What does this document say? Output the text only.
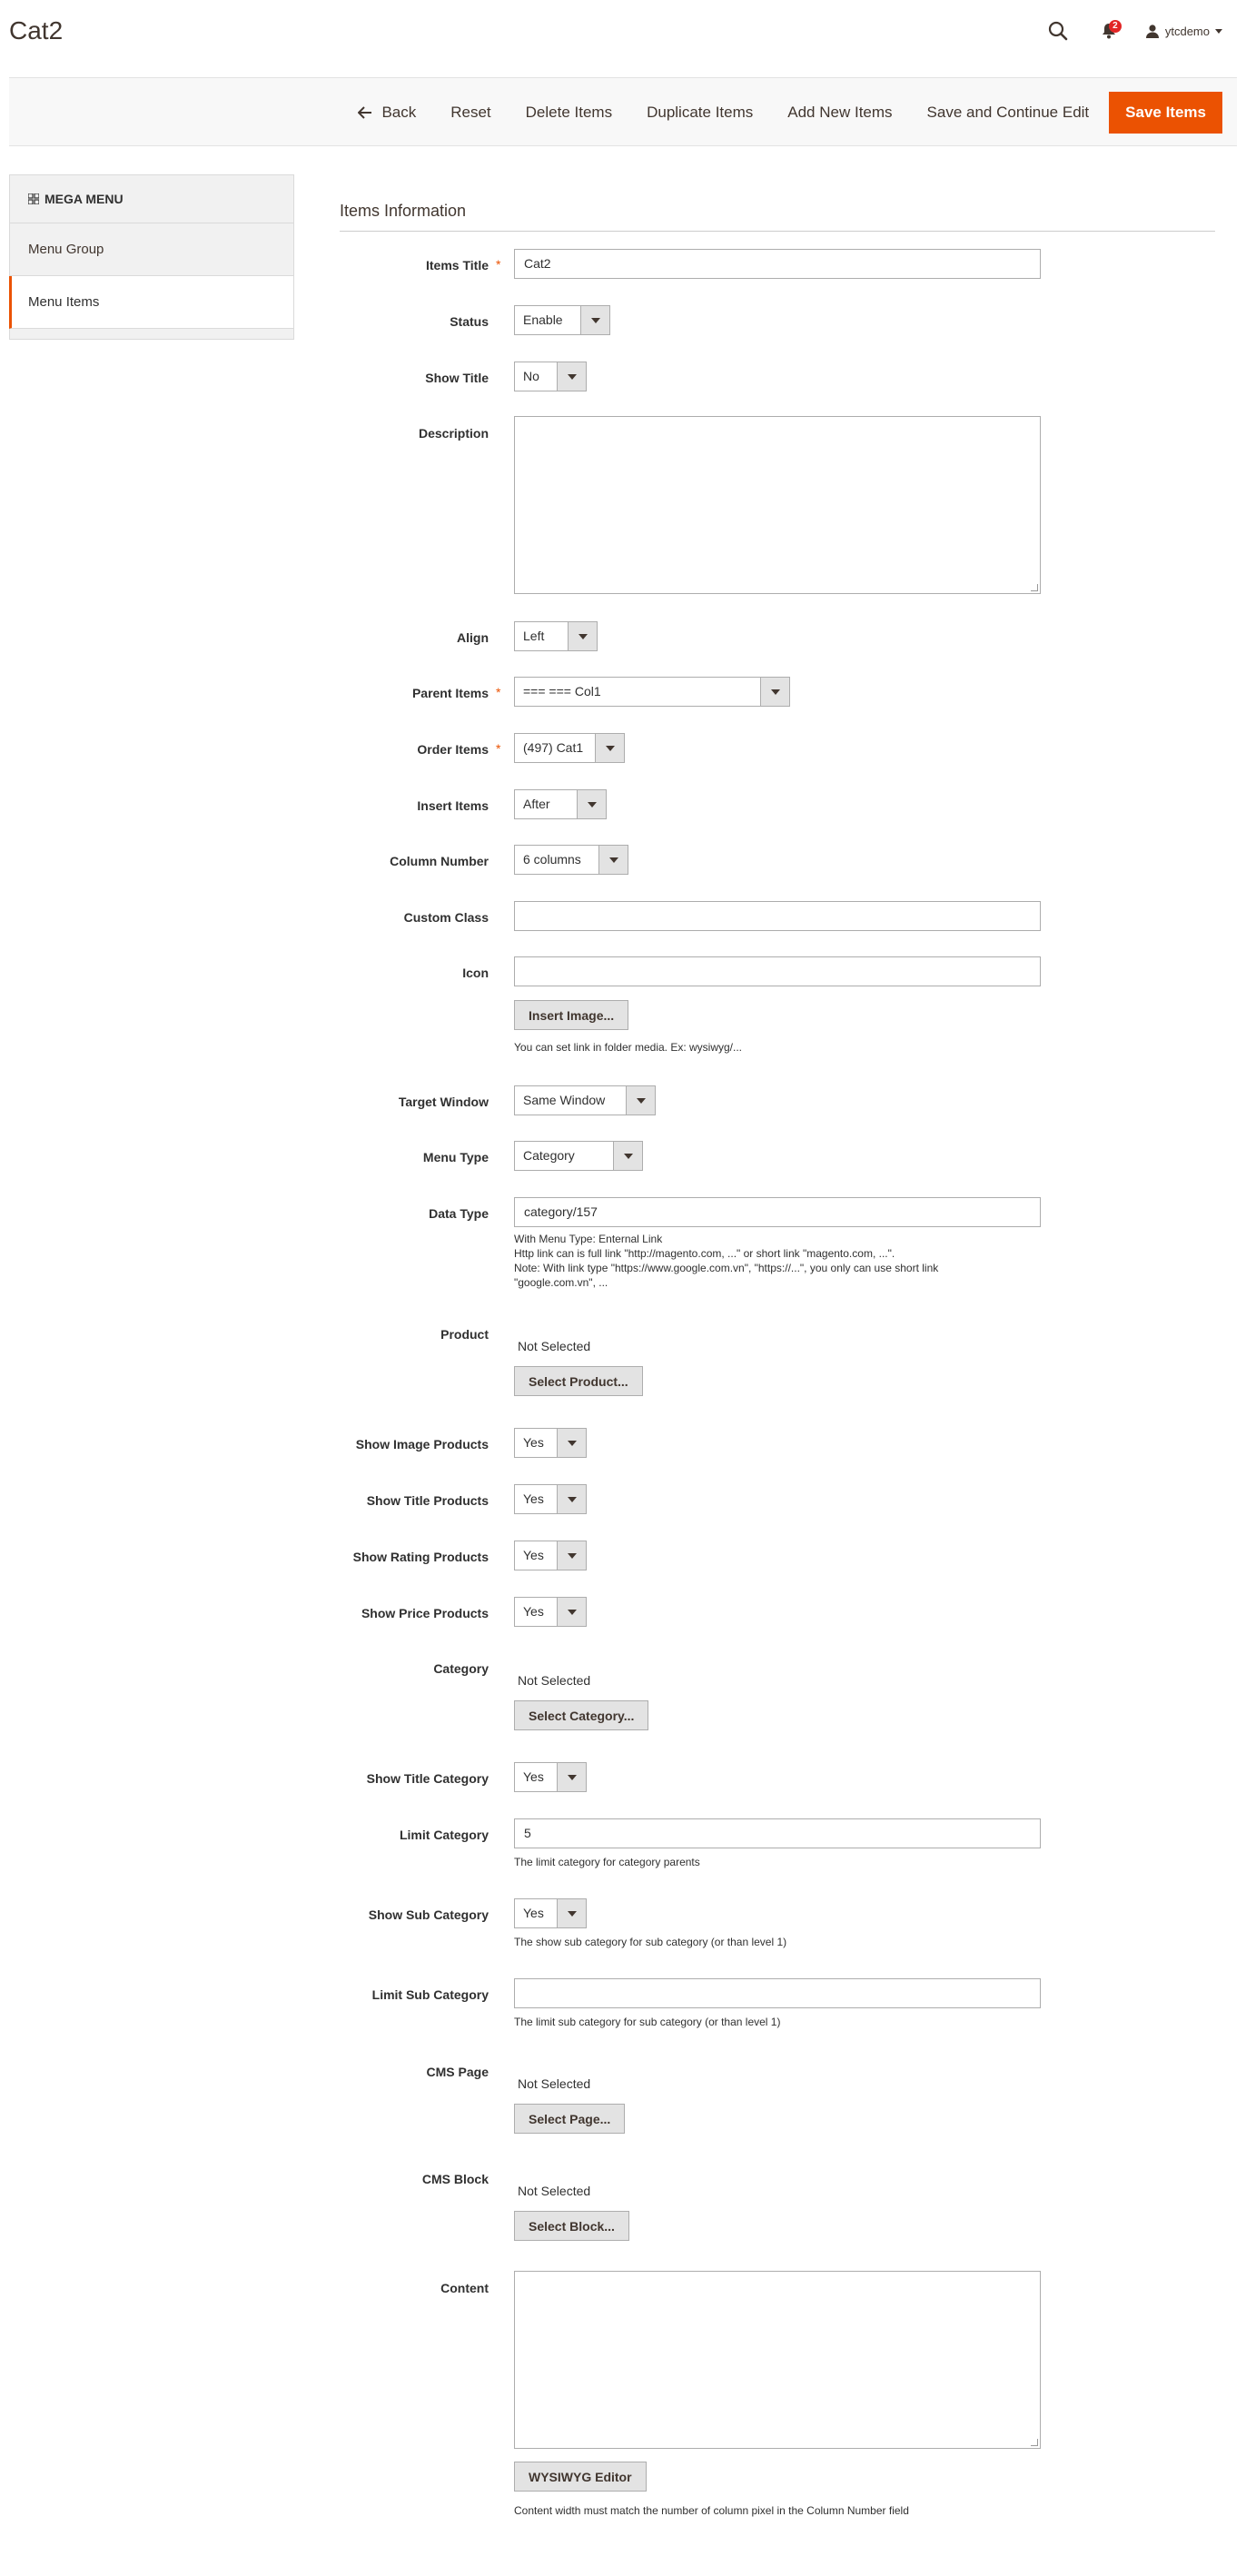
Cat2	2	ytcdemo
Back	Reset	Delete Items	Duplicate Items	Add New Items	Save and Continue Edit	Save Items
MEGA MENU
Menu Group
Menu Items
Items Information
Items Title *	Cat2
Status	Enable
Show Title	No
Description
Align	Left
Parent Items *	=== === Col1
Order Items *	(497) Cat1
Insert Items	After
Column Number	6 columns
Custom Class
Icon
Insert Image...
You can set link in folder media. Ex: wysiwyg/...
Target Window	Same Window
Menu Type	Category
Data Type	category/157
With Menu Type: Enternal Link
Http link can is full link "http://magento.com, ..." or short link "magento.com, ...".
Note: With link type "https://www.google.com.vn", "https://...", you only can use short link
"google.com.vn", ...
Product
Not Selected
Select Product...
Show Image Products	Yes
Show Title Products	Yes
Show Rating Products	Yes
Show Price Products	Yes
Category
Not Selected
Select Category...
Show Title Category	Yes
Limit Category	5
The limit category for category parents
Show Sub Category	Yes
The show sub category for sub category (or than level 1)
Limit Sub Category
The limit sub category for sub category (or than level 1)
CMS Page
Not Selected
Select Page...
CMS Block
Not Selected
Select Block...
Content
WYSIWYG Editor
Content width must match the number of column pixel in the Column Number field
